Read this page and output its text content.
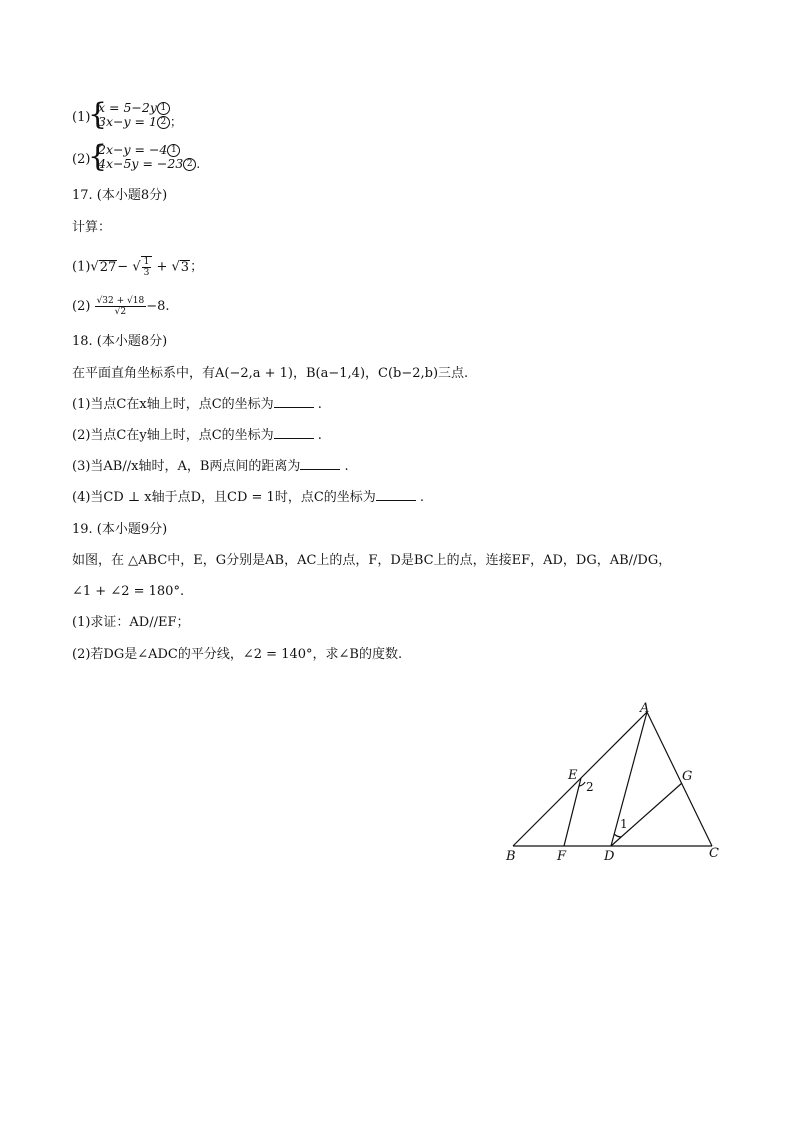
(1)
{
x = 5−2y 1
3x−y = 1 2 ；
(2)
{
2x−y = −4 1
4x−5y = −23 2 .
17. (本小题8分)
计算：
(1)√27− √ $\frac{1}{3} + √3$；
$(2) \frac{√32 + √18}{√2} -8$.
18. (本小题8分)
在平面直角坐标系中，有A(−2,a + 1)，B(a−1,4)，C(b−2,b)三点.
(1)当点C在x轴上时，点C的坐标为	.
(2)当点C在y轴上时，点C的坐标为	.
(3)当AB//x轴时，A，B两点间的距离为	.
(4)当CD ⊥ x轴于点D，且CD = 1时，点C的坐标为	.
19. (本小题9分)
如图，在 △ABC中，E，G分别是AB，AC上的点，F，D是BC上的点，连接EF，AD，DG，AB//DG，
∠1 + ∠2 = 180°.
(1)求证：AD//EF；
(2)若DG是∠ADC的平分线，∠2 = 140°，求∠B的度数.
A
B	C
D
E
F
G
2
1
